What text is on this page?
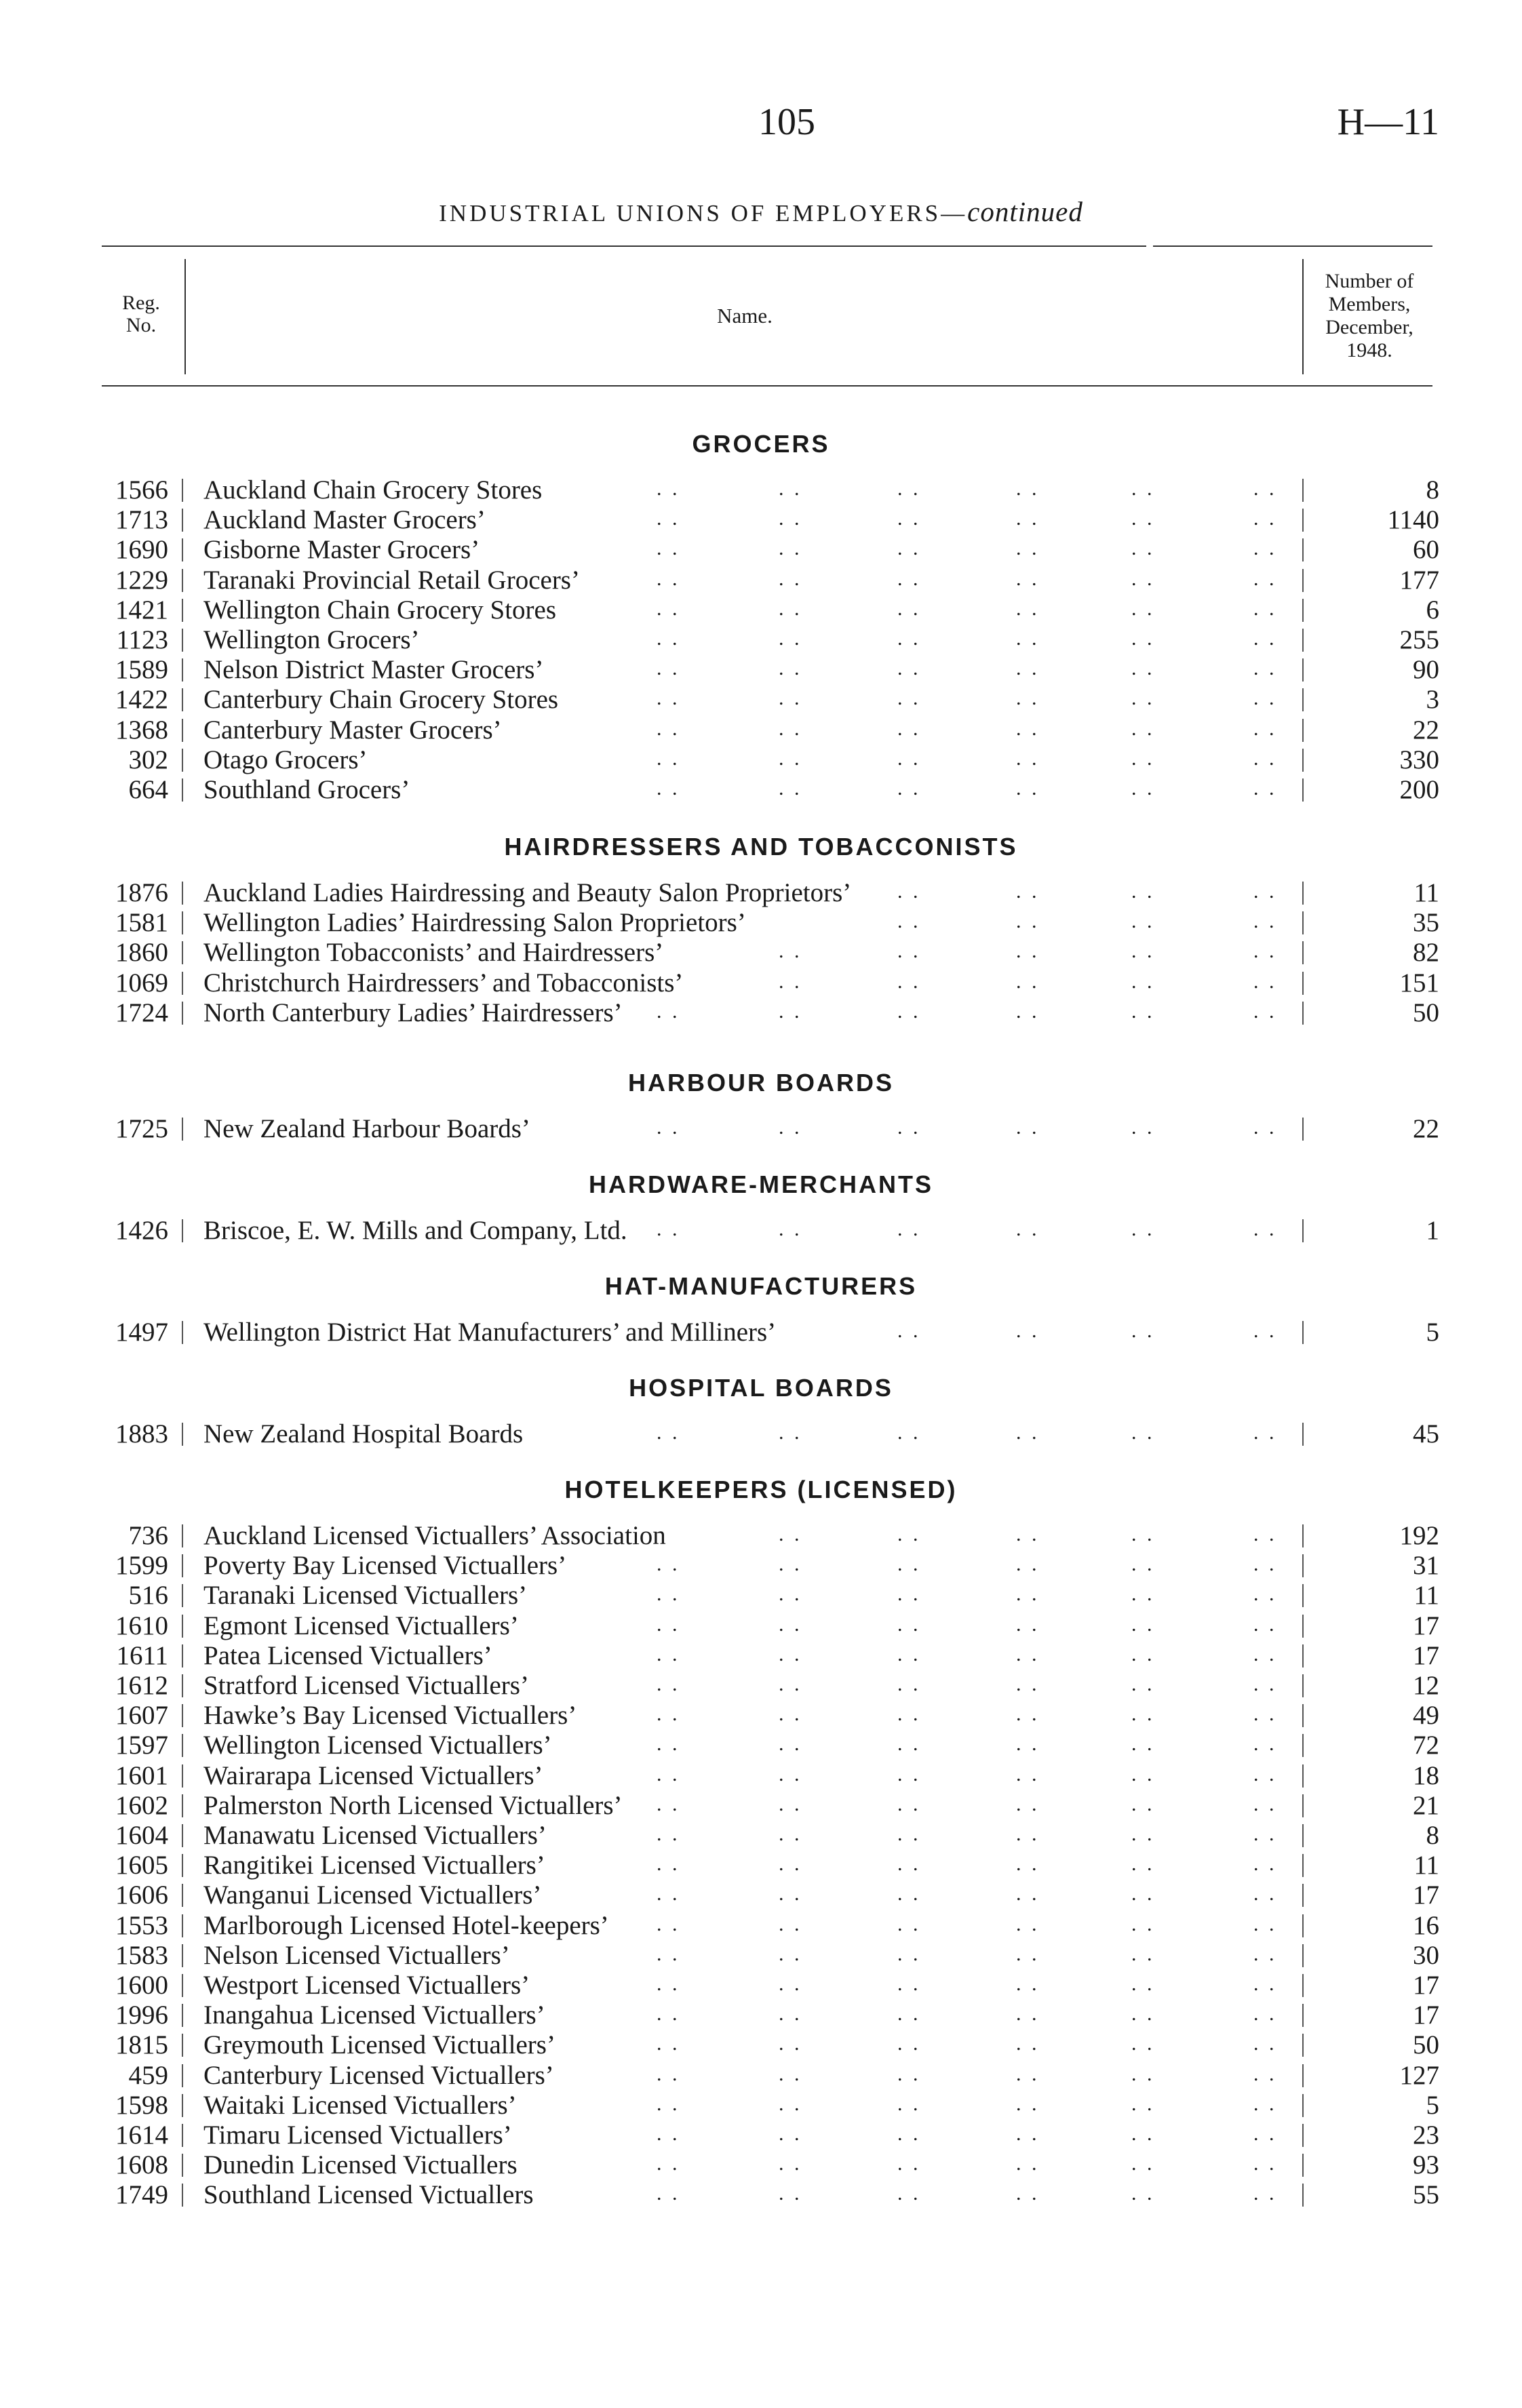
105	H—11
INDUSTRIAL UNIONS OF EMPLOYERS—continued
Reg.
No.	Name.
Number of
Members,
December,
1948.
GROCERS
1566 Auckland Chain Grocery Stores	. .	. .	. .	. .	. .	. .	8
1713 Auckland Master Grocers’	. .	. .	. .	. .	. .	. .	1140
1690 Gisborne Master Grocers’	. .	. .	. .	. .	. .	. .	60
1229 Taranaki Provincial Retail Grocers’	. .	. .	. .	. .	. .	. .	177
1421 Wellington Chain Grocery Stores	. .	. .	. .	. .	. .	. .	6
1123 Wellington Grocers’	. .	. .	. .	. .	. .	. .	255
1589 Nelson District Master Grocers’	. .	. .	. .	. .	. .	. .	90
1422 Canterbury Chain Grocery Stores	. .	. .	. .	. .	. .	. .	3
1368 Canterbury Master Grocers’	. .	. .	. .	. .	. .	. .	22
302 Otago Grocers’	. .	. .	. .	. .	. .	. .	330
664 Southland Grocers’	. .	. .	. .	. .	. .	. .	200
HAIRDRESSERS AND TOBACCONISTS
1876 Auckland Ladies Hairdressing and Beauty Salon Proprietors’ . .	. .	. .	. .	11
1581 Wellington Ladies’ Hairdressing Salon Proprietors’	. .	. .	. .	. .	35
1860 Wellington Tobacconists’ and Hairdressers’	. .	. .	. .	. .	. .	82
1069 Christchurch Hairdressers’ and Tobacconists’	. .	. .	. .	. .	. .	151
1724 North Canterbury Ladies’ Hairdressers’ . .	. .	. .	. .	. .	. .	50
HARBOUR BOARDS
1725 New Zealand Harbour Boards’	. .	. .	. .	. .	. .	. .	22
HARDWARE-MERCHANTS
1426 Briscoe, E. W. Mills and Company, Ltd. . .	. .	. .	. .	. .	. .	1
HAT-MANUFACTURERS
1497 Wellington District Hat Manufacturers’ and Milliners’	. .	. .	. .	. .	5
HOSPITAL BOARDS
1883 New Zealand Hospital Boards	. .	. .	. .	. .	. .	. .	45
HOTELKEEPERS (LICENSED)
736 Auckland Licensed Victuallers’ Association	. .	. .	. .	. .	. .	192
1599 Poverty Bay Licensed Victuallers’	. .	. .	. .	. .	. .	. .	31
516 Taranaki Licensed Victuallers’	. .	. .	. .	. .	. .	. .	11
1610 Egmont Licensed Victuallers’	. .	. .	. .	. .	. .	. .	17
1611 Patea Licensed Victuallers’	. .	. .	. .	. .	. .	. .	17
1612 Stratford Licensed Victuallers’	. .	. .	. .	. .	. .	. .	12
1607 Hawke’s Bay Licensed Victuallers’	. .	. .	. .	. .	. .	. .	49
1597 Wellington Licensed Victuallers’	. .	. .	. .	. .	. .	. .	72
1601 Wairarapa Licensed Victuallers’	. .	. .	. .	. .	. .	. .	18
1602 Palmerston North Licensed Victuallers’ . .	. .	. .	. .	. .	. .	21
1604 Manawatu Licensed Victuallers’	. .	. .	. .	. .	. .	. .	8
1605 Rangitikei Licensed Victuallers’	. .	. .	. .	. .	. .	. .	11
1606 Wanganui Licensed Victuallers’	. .	. .	. .	. .	. .	. .	17
1553 Marlborough Licensed Hotel-keepers’ . .	. .	. .	. .	. .	. .	16
1583 Nelson Licensed Victuallers’	. .	. .	. .	. .	. .	. .	30
1600 Westport Licensed Victuallers’	. .	. .	. .	. .	. .	. .	17
1996 Inangahua Licensed Victuallers’	. .	. .	. .	. .	. .	. .	17
1815 Greymouth Licensed Victuallers’	. .	. .	. .	. .	. .	. .	50
459 Canterbury Licensed Victuallers’	. .	. .	. .	. .	. .	. .	127
1598 Waitaki Licensed Victuallers’	. .	. .	. .	. .	. .	. .	5
1614 Timaru Licensed Victuallers’	. .	. .	. .	. .	. .	. .	23
1608 Dunedin Licensed Victuallers	. .	. .	. .	. .	. .	. .	93
1749 Southland Licensed Victuallers	. .	. .	. .	. .	. .	. .	55
